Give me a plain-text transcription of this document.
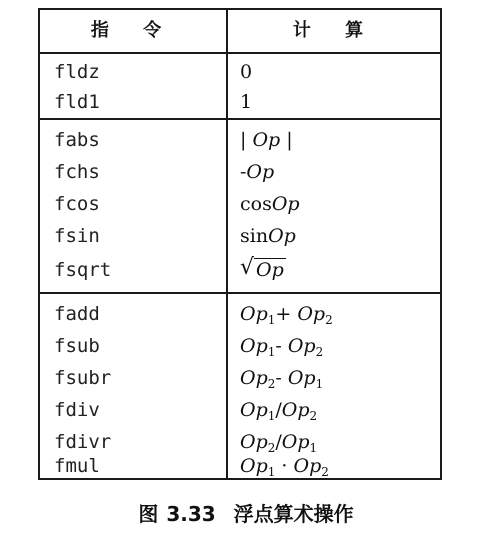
指 令	计 算
fldz	0
fld1	1
fabs	| Op |
fchs	-Op
fcos	cosOp
fsin	sinOp
fsqrt
√	Op
fadd	$Op_1+ Op_2$
fsub	$Op_1-$ $Op_2$
fsubr	$Op_2-$ $Op_1$
fdiv	$Op_1/Op_2$
fdivr	$Op_2/Op_1$
fmul	$Op_1 \cdot Op_2$
图 3.33 浮点算术操作
